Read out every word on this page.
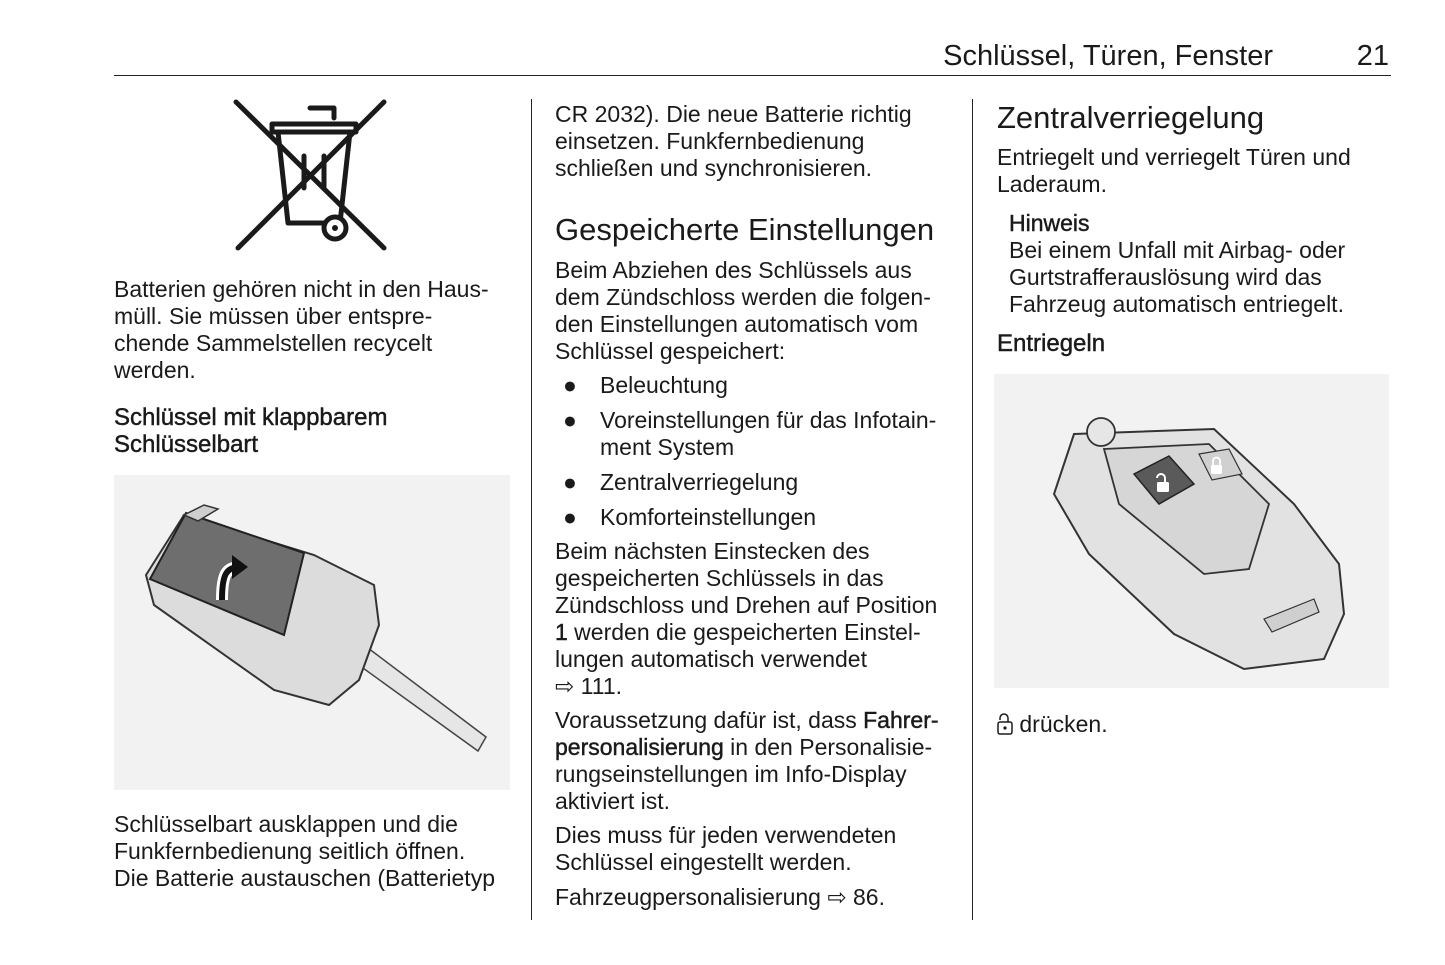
Schlüssel, Türen, Fenster	21

Batterien gehören nicht in den Haus-

müll. Sie müssen über entspre-

chende Sammelstellen recycelt

werden.

Schlüssel mit klappbarem

Schlüsselbart

Schlüsselbart ausklappen und die

Funkfernbedienung seitlich öffnen.

Die Batterie austauschen (Batterietyp

CR 2032). Die neue Batterie richtig

einsetzen. Funkfernbedienung

schließen und synchronisieren.

Gespeicherte Einstellungen

Beim Abziehen des Schlüssels aus

dem Zündschloss werden die folgen-

den Einstellungen automatisch vom

Schlüssel gespeichert:

● Beleuchtung
● Voreinstellungen für das Infotain-
ment System
● Zentralverriegelung
● Komforteinstellungen

Beim nächsten Einstecken des

gespeicherten Schlüssels in das

Zündschloss und Drehen auf Position

1 werden die gespeicherten Einstel-

lungen automatisch verwendet

⇨ 111.

Voraussetzung dafür ist, dass Fahrer-

personalisierung in den Personalisie-

rungseinstellungen im Info-Display

aktiviert ist.

Dies muss für jeden verwendeten

Schlüssel eingestellt werden.

Fahrzeugpersonalisierung ⇨ 86.

Zentralverriegelung

Entriegelt und verriegelt Türen und

Laderaum.

Hinweis

Bei einem Unfall mit Airbag- oder

Gurtstrafferauslösung wird das

Fahrzeug automatisch entriegelt.

Entriegeln

drücken.
